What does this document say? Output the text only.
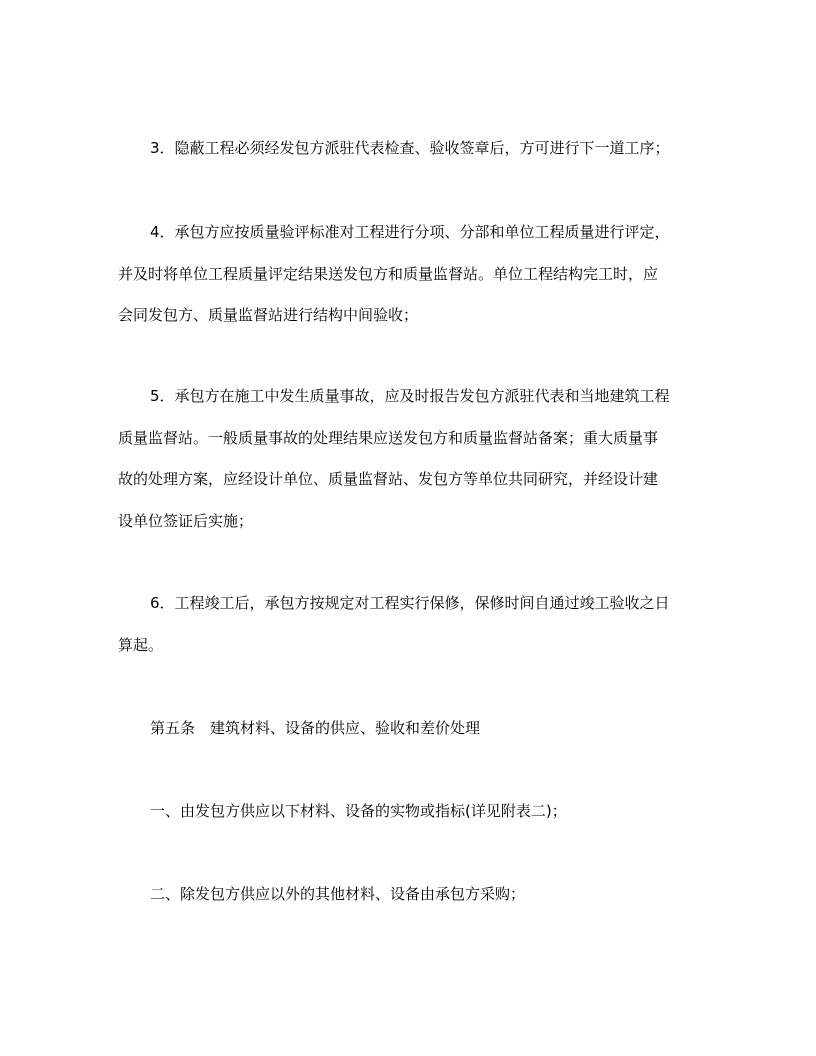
3．隐蔽工程必须经发包方派驻代表检查、验收签章后，方可进行下一道工序；
4．承包方应按质量验评标准对工程进行分项、分部和单位工程质量进行评定，
并及时将单位工程质量评定结果送发包方和质量监督站。单位工程结构完工时，应
会同发包方、质量监督站进行结构中间验收；
5．承包方在施工中发生质量事故，应及时报告发包方派驻代表和当地建筑工程
质量监督站。一般质量事故的处理结果应送发包方和质量监督站备案；重大质量事
故的处理方案，应经设计单位、质量监督站、发包方等单位共同研究，并经设计建
设单位签证后实施；
6．工程竣工后，承包方按规定对工程实行保修，保修时间自通过竣工验收之日
算起。
第五条　建筑材料、设备的供应、验收和差价处理
一、由发包方供应以下材料、设备的实物或指标(详见附表二)；
二、除发包方供应以外的其他材料、设备由承包方采购；
